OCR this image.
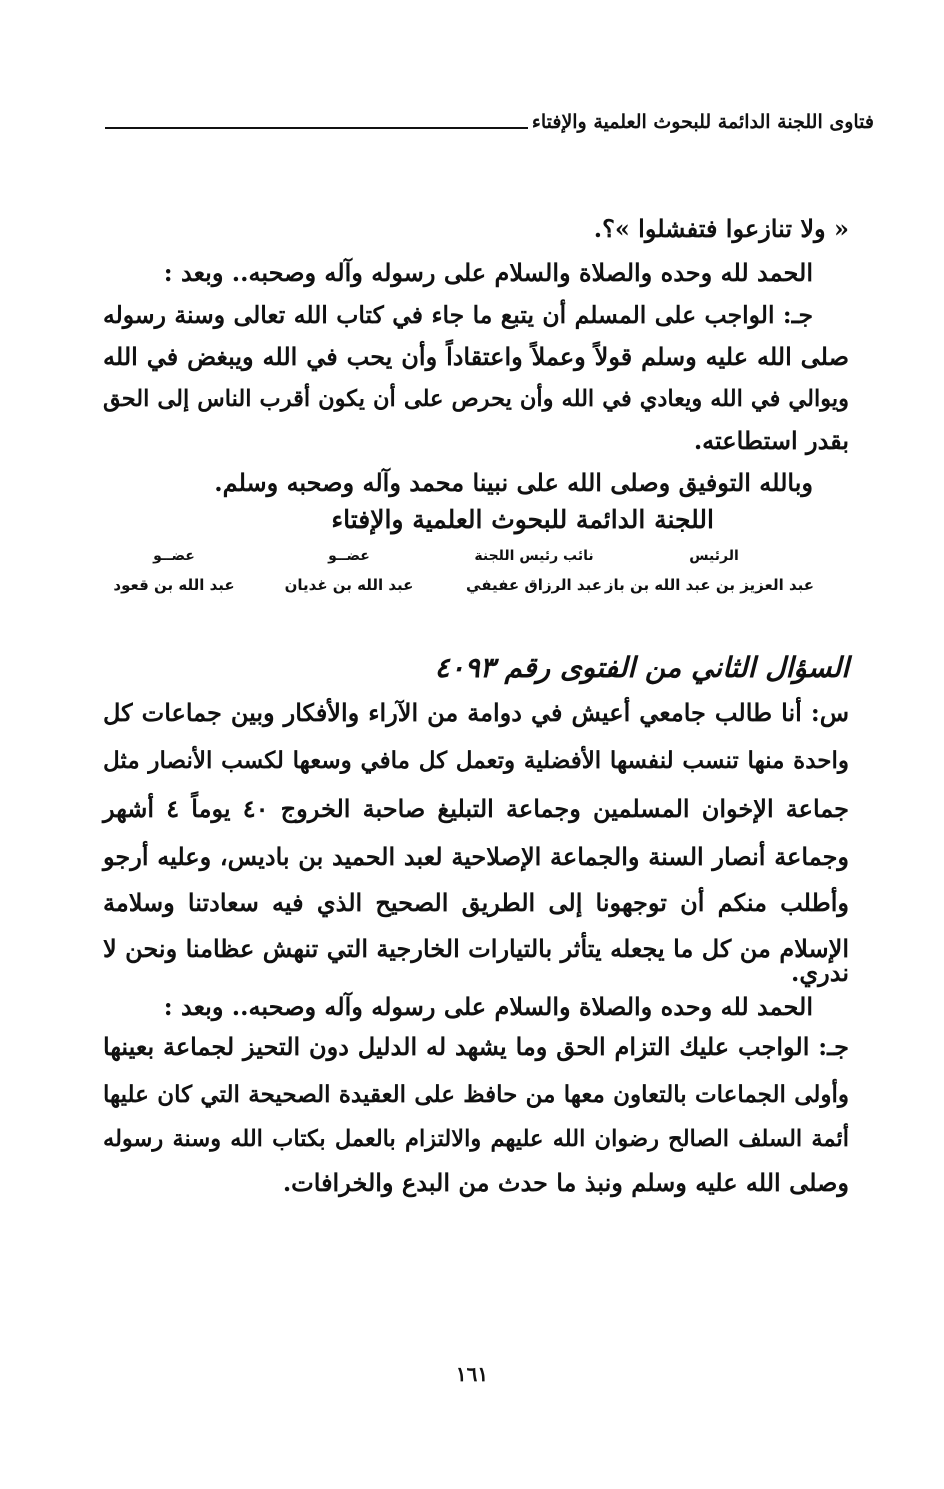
فتاوى اللجنة الدائمة للبحوث العلمية والإفتاء
« ولا تنازعوا فتفشلوا »؟.
الحمد لله وحده والصلاة والسلام على رسوله وآله وصحبه.. وبعد :
جـ: الواجب على المسلم أن يتبع ما جاء في كتاب الله تعالى وسنة رسوله
صلى الله عليه وسلم قولاً وعملاً واعتقاداً وأن يحب في الله ويبغض في الله
ويوالي في الله ويعادي في الله وأن يحرص على أن يكون أقرب الناس إلى الحق
بقدر استطاعته.
وبالله التوفيق وصلى الله على نبينا محمد وآله وصحبه وسلم.
اللجنة الدائمة للبحوث العلمية والإفتاء
الرئيس
عبد العزيز بن عبد الله بن باز
نائب رئيس اللجنة
عبد الرزاق عفيفي
عضــو
عبد الله بن غديان
عضــو
عبد الله بن قعود
السؤال الثاني من الفتوى رقم ٤٠٩٣
س: أنا طالب جامعي أعيش في دوامة من الآراء والأفكار وبين جماعات كل
واحدة منها تنسب لنفسها الأفضلية وتعمل كل مافي وسعها لكسب الأنصار مثل
جماعة الإخوان المسلمين وجماعة التبليغ صاحبة الخروج ٤٠ يوماً ٤ أشهر
وجماعة أنصار السنة والجماعة الإصلاحية لعبد الحميد بن باديس، وعليه أرجو
وأطلب منكم أن توجهونا إلى الطريق الصحيح الذي فيه سعادتنا وسلامة
الإسلام من كل ما يجعله يتأثر بالتيارات الخارجية التي تنهش عظامنا ونحن لا
ندري.
الحمد لله وحده والصلاة والسلام على رسوله وآله وصحبه.. وبعد :
جـ: الواجب عليك التزام الحق وما يشهد له الدليل دون التحيز لجماعة بعينها
وأولى الجماعات بالتعاون معها من حافظ على العقيدة الصحيحة التي كان عليها
أئمة السلف الصالح رضوان الله عليهم والالتزام بالعمل بكتاب الله وسنة رسوله
وصلى الله عليه وسلم ونبذ ما حدث من البدع والخرافات.
١٦١
